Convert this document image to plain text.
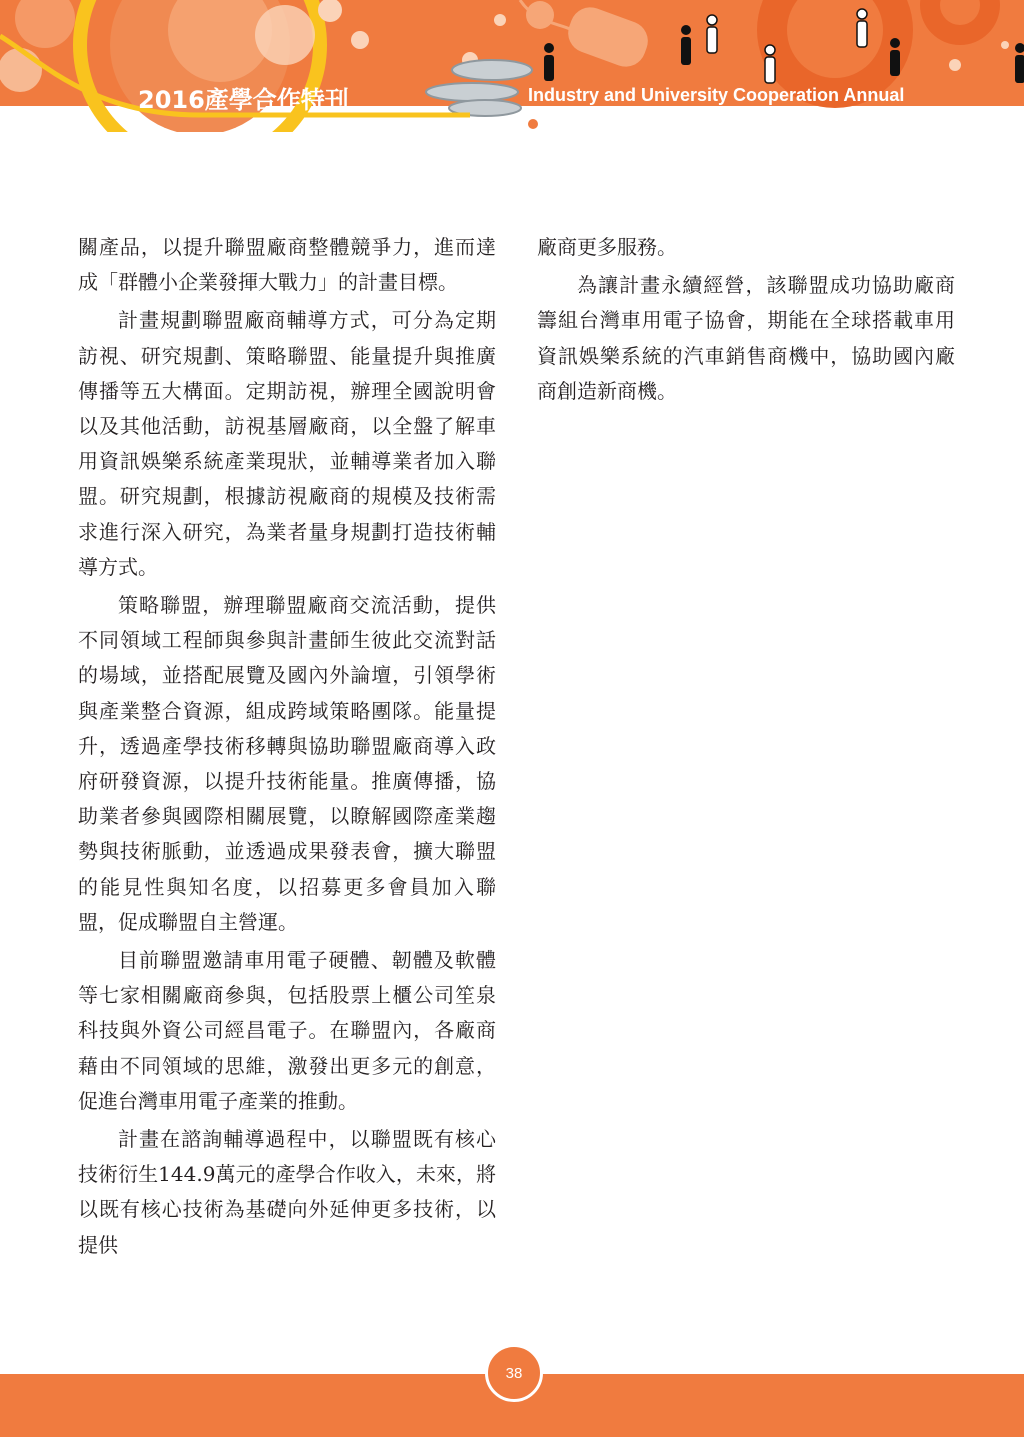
2016產學合作特刊	Industry and University Cooperation Annual

關產品，以提升聯盟廠商整體競爭力，進而達成「群體小企業發揮大戰力」的計畫目標。

計畫規劃聯盟廠商輔導方式，可分為定期訪視、研究規劃、策略聯盟、能量提升與推廣傳播等五大構面。定期訪視，辦理全國說明會以及其他活動，訪視基層廠商，以全盤了解車用資訊娛樂系統產業現狀，並輔導業者加入聯盟。研究規劃，根據訪視廠商的規模及技術需求進行深入研究，為業者量身規劃打造技術輔導方式。

策略聯盟，辦理聯盟廠商交流活動，提供不同領域工程師與參與計畫師生彼此交流對話的場域，並搭配展覽及國內外論壇，引領學術與產業整合資源，組成跨域策略團隊。能量提升，透過產學技術移轉與協助聯盟廠商導入政府研發資源，以提升技術能量。推廣傳播，協助業者參與國際相關展覽，以瞭解國際產業趨勢與技術脈動，並透過成果發表會，擴大聯盟的能見性與知名度，以招募更多會員加入聯盟，促成聯盟自主營運。

目前聯盟邀請車用電子硬體、韌體及軟體等七家相關廠商參與，包括股票上櫃公司笙泉科技與外資公司經昌電子。在聯盟內，各廠商藉由不同領域的思維，激發出更多元的創意，促進台灣車用電子產業的推動。

計畫在諮詢輔導過程中，以聯盟既有核心技術衍生144.9萬元的產學合作收入，未來，將以既有核心技術為基礎向外延伸更多技術，以提供

廠商更多服務。

為讓計畫永續經營，該聯盟成功協助廠商籌組台灣車用電子協會，期能在全球搭載車用資訊娛樂系統的汽車銷售商機中，協助國內廠商創造新商機。

38
